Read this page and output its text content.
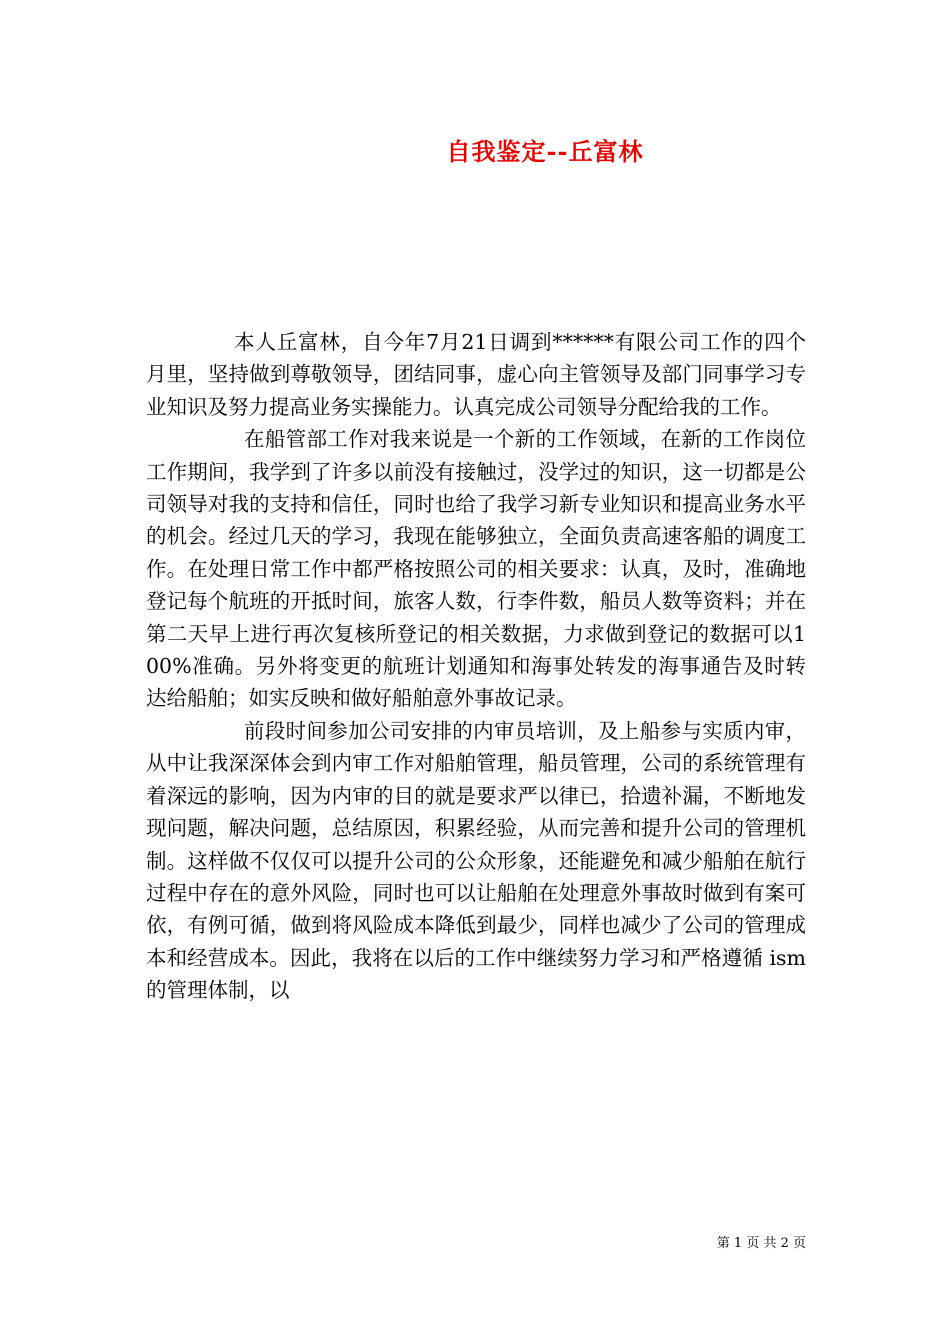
自我鉴定--丘富林

本人丘富林，自今年7月21日调到******有限公司工作的四个月里，坚持做到尊敬领导，团结同事，虚心向主管领导及部门同事学习专业知识及努力提高业务实操能力。认真完成公司领导分配给我的工作。

在船管部工作对我来说是一个新的工作领域，在新的工作岗位工作期间，我学到了许多以前没有接触过，没学过的知识，这一切都是公司领导对我的支持和信任，同时也给了我学习新专业知识和提高业务水平的机会。经过几天的学习，我现在能够独立，全面负责高速客船的调度工作。在处理日常工作中都严格按照公司的相关要求：认真，及时，准确地登记每个航班的开抵时间，旅客人数，行李件数，船员人数等资料；并在第二天早上进行再次复核所登记的相关数据，力求做到登记的数据可以100%准确。另外将变更的航班计划通知和海事处转发的海事通告及时转达给船舶；如实反映和做好船舶意外事故记录。

前段时间参加公司安排的内审员培训，及上船参与实质内审，从中让我深深体会到内审工作对船舶管理，船员管理，公司的系统管理有着深远的影响，因为内审的目的就是要求严以律已，拾遗补漏，不断地发现问题，解决问题，总结原因，积累经验，从而完善和提升公司的管理机制。这样做不仅仅可以提升公司的公众形象，还能避免和减少船舶在航行过程中存在的意外风险，同时也可以让船舶在处理意外事故时做到有案可依，有例可循，做到将风险成本降低到最少，同样也减少了公司的管理成本和经营成本。因此，我将在以后的工作中继续努力学习和严格遵循 ism 的管理体制，以

第 1 页 共 2 页
